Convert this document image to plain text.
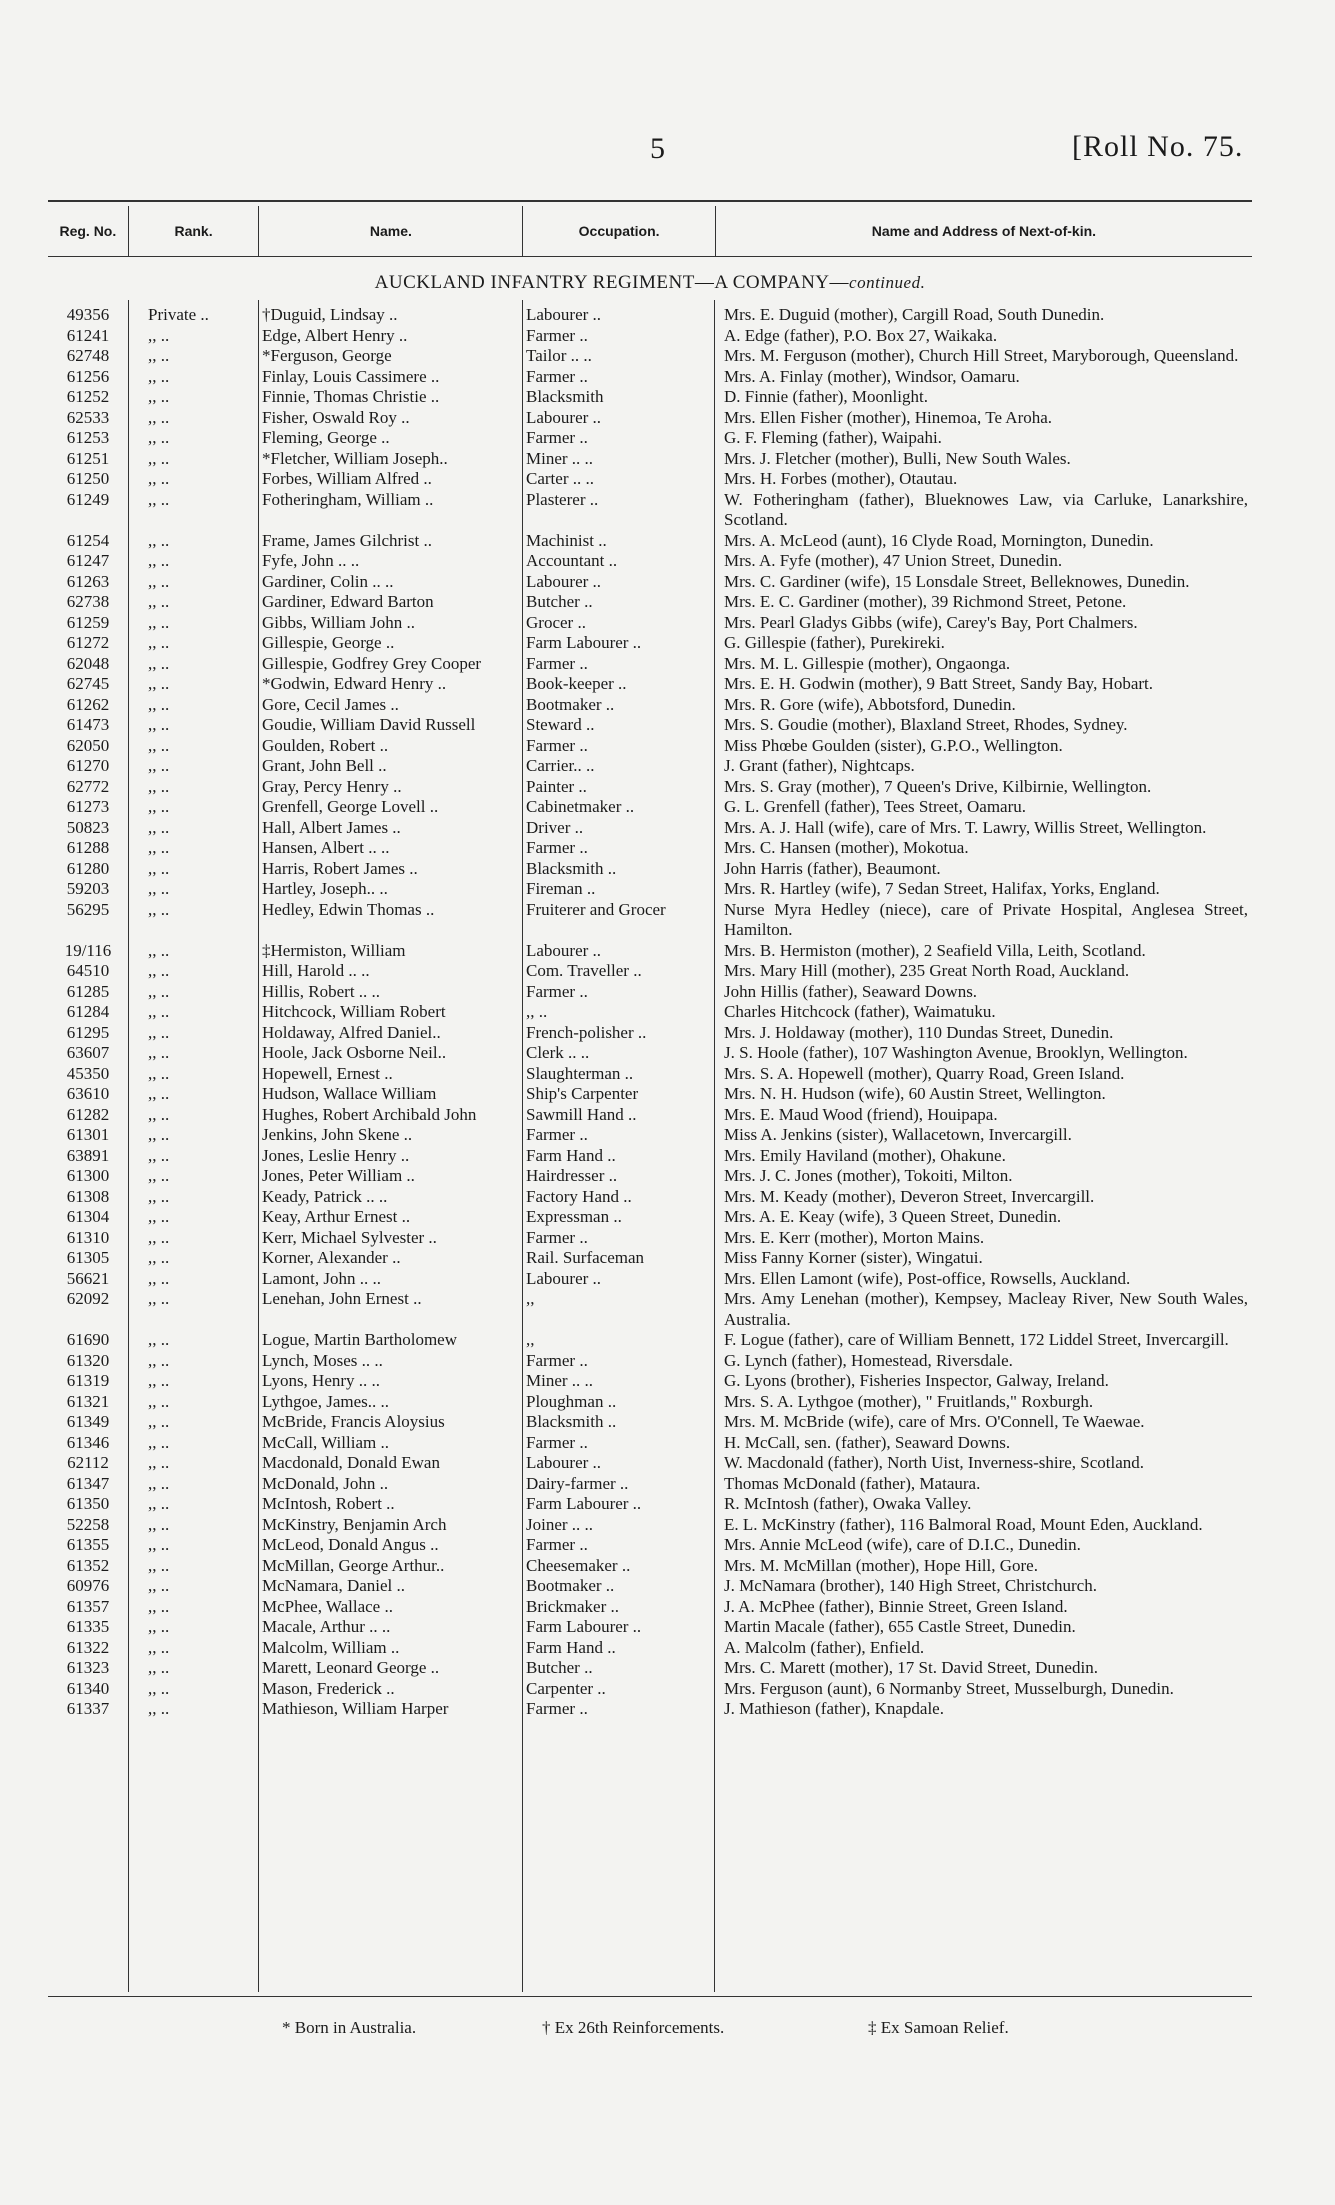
5	[Roll No. 75.
Reg. No.	Rank.	Name.	Occupation.	Name and Address of Next-of-kin.
AUCKLAND INFANTRY REGIMENT—A COMPANY—continued.
49356	Private ..	†Duguid, Lindsay ..	Labourer ..	Mrs. E. Duguid (mother), Cargill Road, South Dunedin.
61241	,, ..	Edge, Albert Henry ..	Farmer ..	A. Edge (father), P.O. Box 27, Waikaka.
62748	,, ..	*Ferguson, George	Tailor .. ..	Mrs. M. Ferguson (mother), Church Hill Street, Maryborough, Queensland.
61256	,, ..	Finlay, Louis Cassimere ..	Farmer ..	Mrs. A. Finlay (mother), Windsor, Oamaru.
61252	,, ..	Finnie, Thomas Christie ..	Blacksmith	D. Finnie (father), Moonlight.
62533	,, ..	Fisher, Oswald Roy ..	Labourer ..	Mrs. Ellen Fisher (mother), Hinemoa, Te Aroha.
61253	,, ..	Fleming, George ..	Farmer ..	G. F. Fleming (father), Waipahi.
61251	,, ..	*Fletcher, William Joseph..	Miner .. ..	Mrs. J. Fletcher (mother), Bulli, New South Wales.
61250	,, ..	Forbes, William Alfred ..	Carter .. ..	Mrs. H. Forbes (mother), Otautau.
61249	,, ..	Fotheringham, William ..	Plasterer ..	W. Fotheringham (father), Blueknowes Law, via Carluke, Lanarkshire, Scotland.
61254	,, ..	Frame, James Gilchrist ..	Machinist ..	Mrs. A. McLeod (aunt), 16 Clyde Road, Mornington, Dunedin.
61247	,, ..	Fyfe, John .. ..	Accountant ..	Mrs. A. Fyfe (mother), 47 Union Street, Dunedin.
61263	,, ..	Gardiner, Colin .. ..	Labourer ..	Mrs. C. Gardiner (wife), 15 Lonsdale Street, Belleknowes, Dunedin.
62738	,, ..	Gardiner, Edward Barton	Butcher ..	Mrs. E. C. Gardiner (mother), 39 Richmond Street, Petone.
61259	,, ..	Gibbs, William John ..	Grocer ..	Mrs. Pearl Gladys Gibbs (wife), Carey's Bay, Port Chalmers.
61272	,, ..	Gillespie, George ..	Farm Labourer ..	G. Gillespie (father), Purekireki.
62048	,, ..	Gillespie, Godfrey Grey Cooper	Farmer ..	Mrs. M. L. Gillespie (mother), Ongaonga.
62745	,, ..	*Godwin, Edward Henry ..	Book-keeper ..	Mrs. E. H. Godwin (mother), 9 Batt Street, Sandy Bay, Hobart.
61262	,, ..	Gore, Cecil James ..	Bootmaker ..	Mrs. R. Gore (wife), Abbotsford, Dunedin.
61473	,, ..	Goudie, William David Russell	Steward ..	Mrs. S. Goudie (mother), Blaxland Street, Rhodes, Sydney.
62050	,, ..	Goulden, Robert ..	Farmer ..	Miss Phœbe Goulden (sister), G.P.O., Wellington.
61270	,, ..	Grant, John Bell ..	Carrier.. ..	J. Grant (father), Nightcaps.
62772	,, ..	Gray, Percy Henry ..	Painter ..	Mrs. S. Gray (mother), 7 Queen's Drive, Kilbirnie, Wellington.
61273	,, ..	Grenfell, George Lovell ..	Cabinetmaker ..	G. L. Grenfell (father), Tees Street, Oamaru.
50823	,, ..	Hall, Albert James ..	Driver ..	Mrs. A. J. Hall (wife), care of Mrs. T. Lawry, Willis Street, Wellington.
61288	,, ..	Hansen, Albert .. ..	Farmer ..	Mrs. C. Hansen (mother), Mokotua.
61280	,, ..	Harris, Robert James ..	Blacksmith ..	John Harris (father), Beaumont.
59203	,, ..	Hartley, Joseph.. ..	Fireman ..	Mrs. R. Hartley (wife), 7 Sedan Street, Halifax, Yorks, England.
56295	,, ..	Hedley, Edwin Thomas ..	Fruiterer and Grocer	Nurse Myra Hedley (niece), care of Private Hospital, Anglesea Street, Hamilton.
19/116	,, ..	‡Hermiston, William	Labourer ..	Mrs. B. Hermiston (mother), 2 Seafield Villa, Leith, Scotland.
64510	,, ..	Hill, Harold .. ..	Com. Traveller ..	Mrs. Mary Hill (mother), 235 Great North Road, Auckland.
61285	,, ..	Hillis, Robert .. ..	Farmer ..	John Hillis (father), Seaward Downs.
61284	,, ..	Hitchcock, William Robert	,, ..	Charles Hitchcock (father), Waimatuku.
61295	,, ..	Holdaway, Alfred Daniel..	French-polisher ..	Mrs. J. Holdaway (mother), 110 Dundas Street, Dunedin.
63607	,, ..	Hoole, Jack Osborne Neil..	Clerk .. ..	J. S. Hoole (father), 107 Washington Avenue, Brooklyn, Wellington.
45350	,, ..	Hopewell, Ernest ..	Slaughterman ..	Mrs. S. A. Hopewell (mother), Quarry Road, Green Island.
63610	,, ..	Hudson, Wallace William	Ship's Carpenter	Mrs. N. H. Hudson (wife), 60 Austin Street, Wellington.
61282	,, ..	Hughes, Robert Archibald John	Sawmill Hand ..	Mrs. E. Maud Wood (friend), Houipapa.
61301	,, ..	Jenkins, John Skene ..	Farmer ..	Miss A. Jenkins (sister), Wallacetown, Invercargill.
63891	,, ..	Jones, Leslie Henry ..	Farm Hand ..	Mrs. Emily Haviland (mother), Ohakune.
61300	,, ..	Jones, Peter William ..	Hairdresser ..	Mrs. J. C. Jones (mother), Tokoiti, Milton.
61308	,, ..	Keady, Patrick .. ..	Factory Hand ..	Mrs. M. Keady (mother), Deveron Street, Invercargill.
61304	,, ..	Keay, Arthur Ernest ..	Expressman ..	Mrs. A. E. Keay (wife), 3 Queen Street, Dunedin.
61310	,, ..	Kerr, Michael Sylvester ..	Farmer ..	Mrs. E. Kerr (mother), Morton Mains.
61305	,, ..	Korner, Alexander ..	Rail. Surfaceman	Miss Fanny Korner (sister), Wingatui.
56621	,, ..	Lamont, John .. ..	Labourer ..	Mrs. Ellen Lamont (wife), Post-office, Rowsells, Auckland.
62092	,, ..	Lenehan, John Ernest ..	,,	Mrs. Amy Lenehan (mother), Kempsey, Macleay River, New South Wales, Australia.
61690	,, ..	Logue, Martin Bartholomew	,,	F. Logue (father), care of William Bennett, 172 Liddel Street, Invercargill.
61320	,, ..	Lynch, Moses .. ..	Farmer ..	G. Lynch (father), Homestead, Riversdale.
61319	,, ..	Lyons, Henry .. ..	Miner .. ..	G. Lyons (brother), Fisheries Inspector, Galway, Ireland.
61321	,, ..	Lythgoe, James.. ..	Ploughman ..	Mrs. S. A. Lythgoe (mother), " Fruitlands," Roxburgh.
61349	,, ..	McBride, Francis Aloysius	Blacksmith ..	Mrs. M. McBride (wife), care of Mrs. O'Connell, Te Waewae.
61346	,, ..	McCall, William ..	Farmer ..	H. McCall, sen. (father), Seaward Downs.
62112	,, ..	Macdonald, Donald Ewan	Labourer ..	W. Macdonald (father), North Uist, Inverness-shire, Scotland.
61347	,, ..	McDonald, John ..	Dairy-farmer ..	Thomas McDonald (father), Mataura.
61350	,, ..	McIntosh, Robert ..	Farm Labourer ..	R. McIntosh (father), Owaka Valley.
52258	,, ..	McKinstry, Benjamin Arch	Joiner .. ..	E. L. McKinstry (father), 116 Balmoral Road, Mount Eden, Auckland.
61355	,, ..	McLeod, Donald Angus ..	Farmer ..	Mrs. Annie McLeod (wife), care of D.I.C., Dunedin.
61352	,, ..	McMillan, George Arthur..	Cheesemaker ..	Mrs. M. McMillan (mother), Hope Hill, Gore.
60976	,, ..	McNamara, Daniel ..	Bootmaker ..	J. McNamara (brother), 140 High Street, Christchurch.
61357	,, ..	McPhee, Wallace ..	Brickmaker ..	J. A. McPhee (father), Binnie Street, Green Island.
61335	,, ..	Macale, Arthur .. ..	Farm Labourer ..	Martin Macale (father), 655 Castle Street, Dunedin.
61322	,, ..	Malcolm, William ..	Farm Hand ..	A. Malcolm (father), Enfield.
61323	,, ..	Marett, Leonard George ..	Butcher ..	Mrs. C. Marett (mother), 17 St. David Street, Dunedin.
61340	,, ..	Mason, Frederick ..	Carpenter ..	Mrs. Ferguson (aunt), 6 Normanby Street, Musselburgh, Dunedin.
61337	,, ..	Mathieson, William Harper	Farmer ..	J. Mathieson (father), Knapdale.
* Born in Australia.	† Ex 26th Reinforcements.	‡ Ex Samoan Relief.
